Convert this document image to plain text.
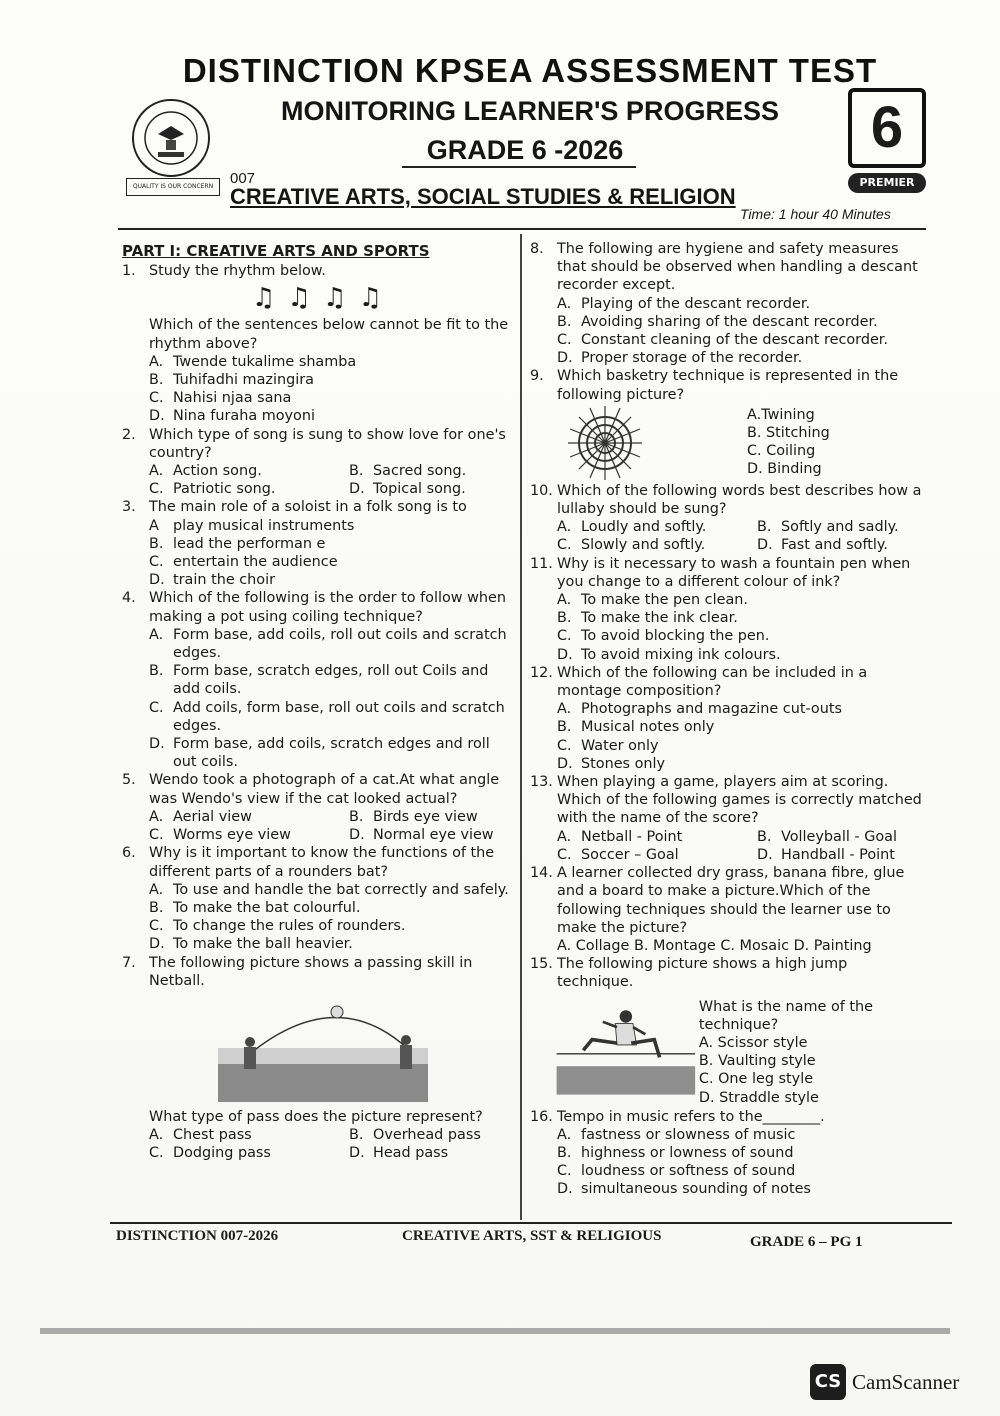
QUALITY IS OUR CONCERN
DISTINCTION KPSEA ASSESSMENT TEST
MONITORING LEARNER'S PROGRESS
GRADE 6 -2026
007
CREATIVE ARTS, SOCIAL STUDIES & RELIGION
6
PREMIER
Time: 1 hour 40 Minutes
PART I: CREATIVE ARTS AND SPORTS
1. Study the rhythm below.
♫ ♫ ♫ ♫
Which of the sentences below cannot be fit to the rhythm above?
A. Twende tukalime shamba
B. Tuhifadhi mazingira
C. Nahisi njaa sana
D. Nina furaha moyoni
2. Which type of song is sung to show love for one's country?
A. Action song.	B. Sacred song.
C. Patriotic song.	D. Topical song.
3. The main role of a soloist in a folk song is to
A play musical instruments
B. lead the performan e
C. entertain the audience
D. train the choir
4. Which of the following is the order to follow when making a pot using coiling technique?
A. Form base, add coils, roll out coils and scratch edges.
B. Form base, scratch edges, roll out Coils and add coils.
C. Add coils, form base, roll out coils and scratch edges.
D. Form base, add coils, scratch edges and roll out coils.
5. Wendo took a photograph of a cat.At what angle was Wendo's view if the cat looked actual?
A. Aerial view	B. Birds eye view
C. Worms eye view	D. Normal eye view
6. Why is it important to know the functions of the different parts of a rounders bat?
A. To use and handle the bat correctly and safely.
B. To make the bat colourful.
C. To change the rules of rounders.
D. To make the ball heavier.
7. The following picture shows a passing skill in Netball.
What type of pass does the picture represent?
A. Chest pass	B. Overhead pass
C. Dodging pass	D. Head pass
8. The following are hygiene and safety measures that should be observed when handling a descant recorder except.
A. Playing of the descant recorder.
B. Avoiding sharing of the descant recorder.
C. Constant cleaning of the descant recorder.
D. Proper storage of the recorder.
9. Which basketry technique is represented in the following picture?
A.Twining
B. Stitching
C. Coiling
D. Binding
10. Which of the following words best describes how a lullaby should be sung?
A. Loudly and softly.	B. Softly and sadly.
C. Slowly and softly.	D. Fast and softly.
11. Why is it necessary to wash a fountain pen when you change to a different colour of ink?
A. To make the pen clean.
B. To make the ink clear.
C. To avoid blocking the pen.
D. To avoid mixing ink colours.
12. Which of the following can be included in a montage composition?
A. Photographs and magazine cut-outs
B. Musical notes only
C. Water only
D. Stones only
13. When playing a game, players aim at scoring. Which of the following games is correctly matched with the name of the score?
A. Netball - Point	B. Volleyball - Goal
C. Soccer – Goal	D. Handball - Point
14. A learner collected dry grass, banana fibre, glue and a board to make a picture.Which of the following techniques should the learner use to make the picture?
A. Collage B. Montage C. Mosaic D. Painting
15. The following picture shows a high jump technique.
What is the name of the technique?
A. Scissor style
B. Vaulting style
C. One leg style
D. Straddle style
16. Tempo in music refers to the________.
A. fastness or slowness of music
B. highness or lowness of sound
C. loudness or softness of sound
D. simultaneous sounding of notes
DISTINCTION 007-2026	CREATIVE ARTS, SST & RELIGIOUS	GRADE 6 – PG 1
CS CamScanner
